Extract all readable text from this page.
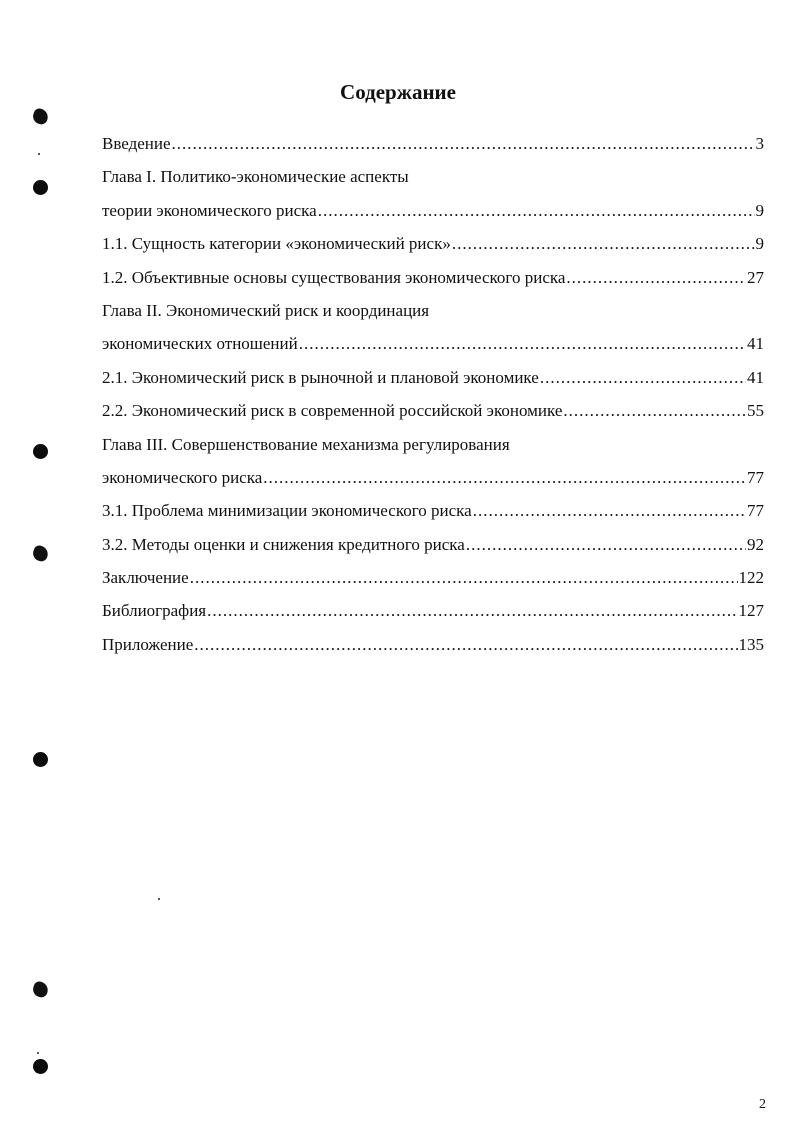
Содержание
Введение .....	3
Глава I. Политико-экономические аспекты
теории экономического риска .....	9
1.1. Сущность категории «экономический риск» .....	9
1.2. Объективные основы существования экономического риска .....	27
Глава II. Экономический риск и координация
экономических отношений .....	41
2.1. Экономический риск в рыночной и плановой экономике .....	41
2.2. Экономический риск в современной российской экономике .....	55
Глава III. Совершенствование механизма регулирования
экономического риска .....	77
3.1. Проблема минимизации экономического риска .....	77
3.2. Методы оценки и снижения кредитного риска .....	92
Заключение .....	122
Библиография .....	127
Приложение .....	135
2
